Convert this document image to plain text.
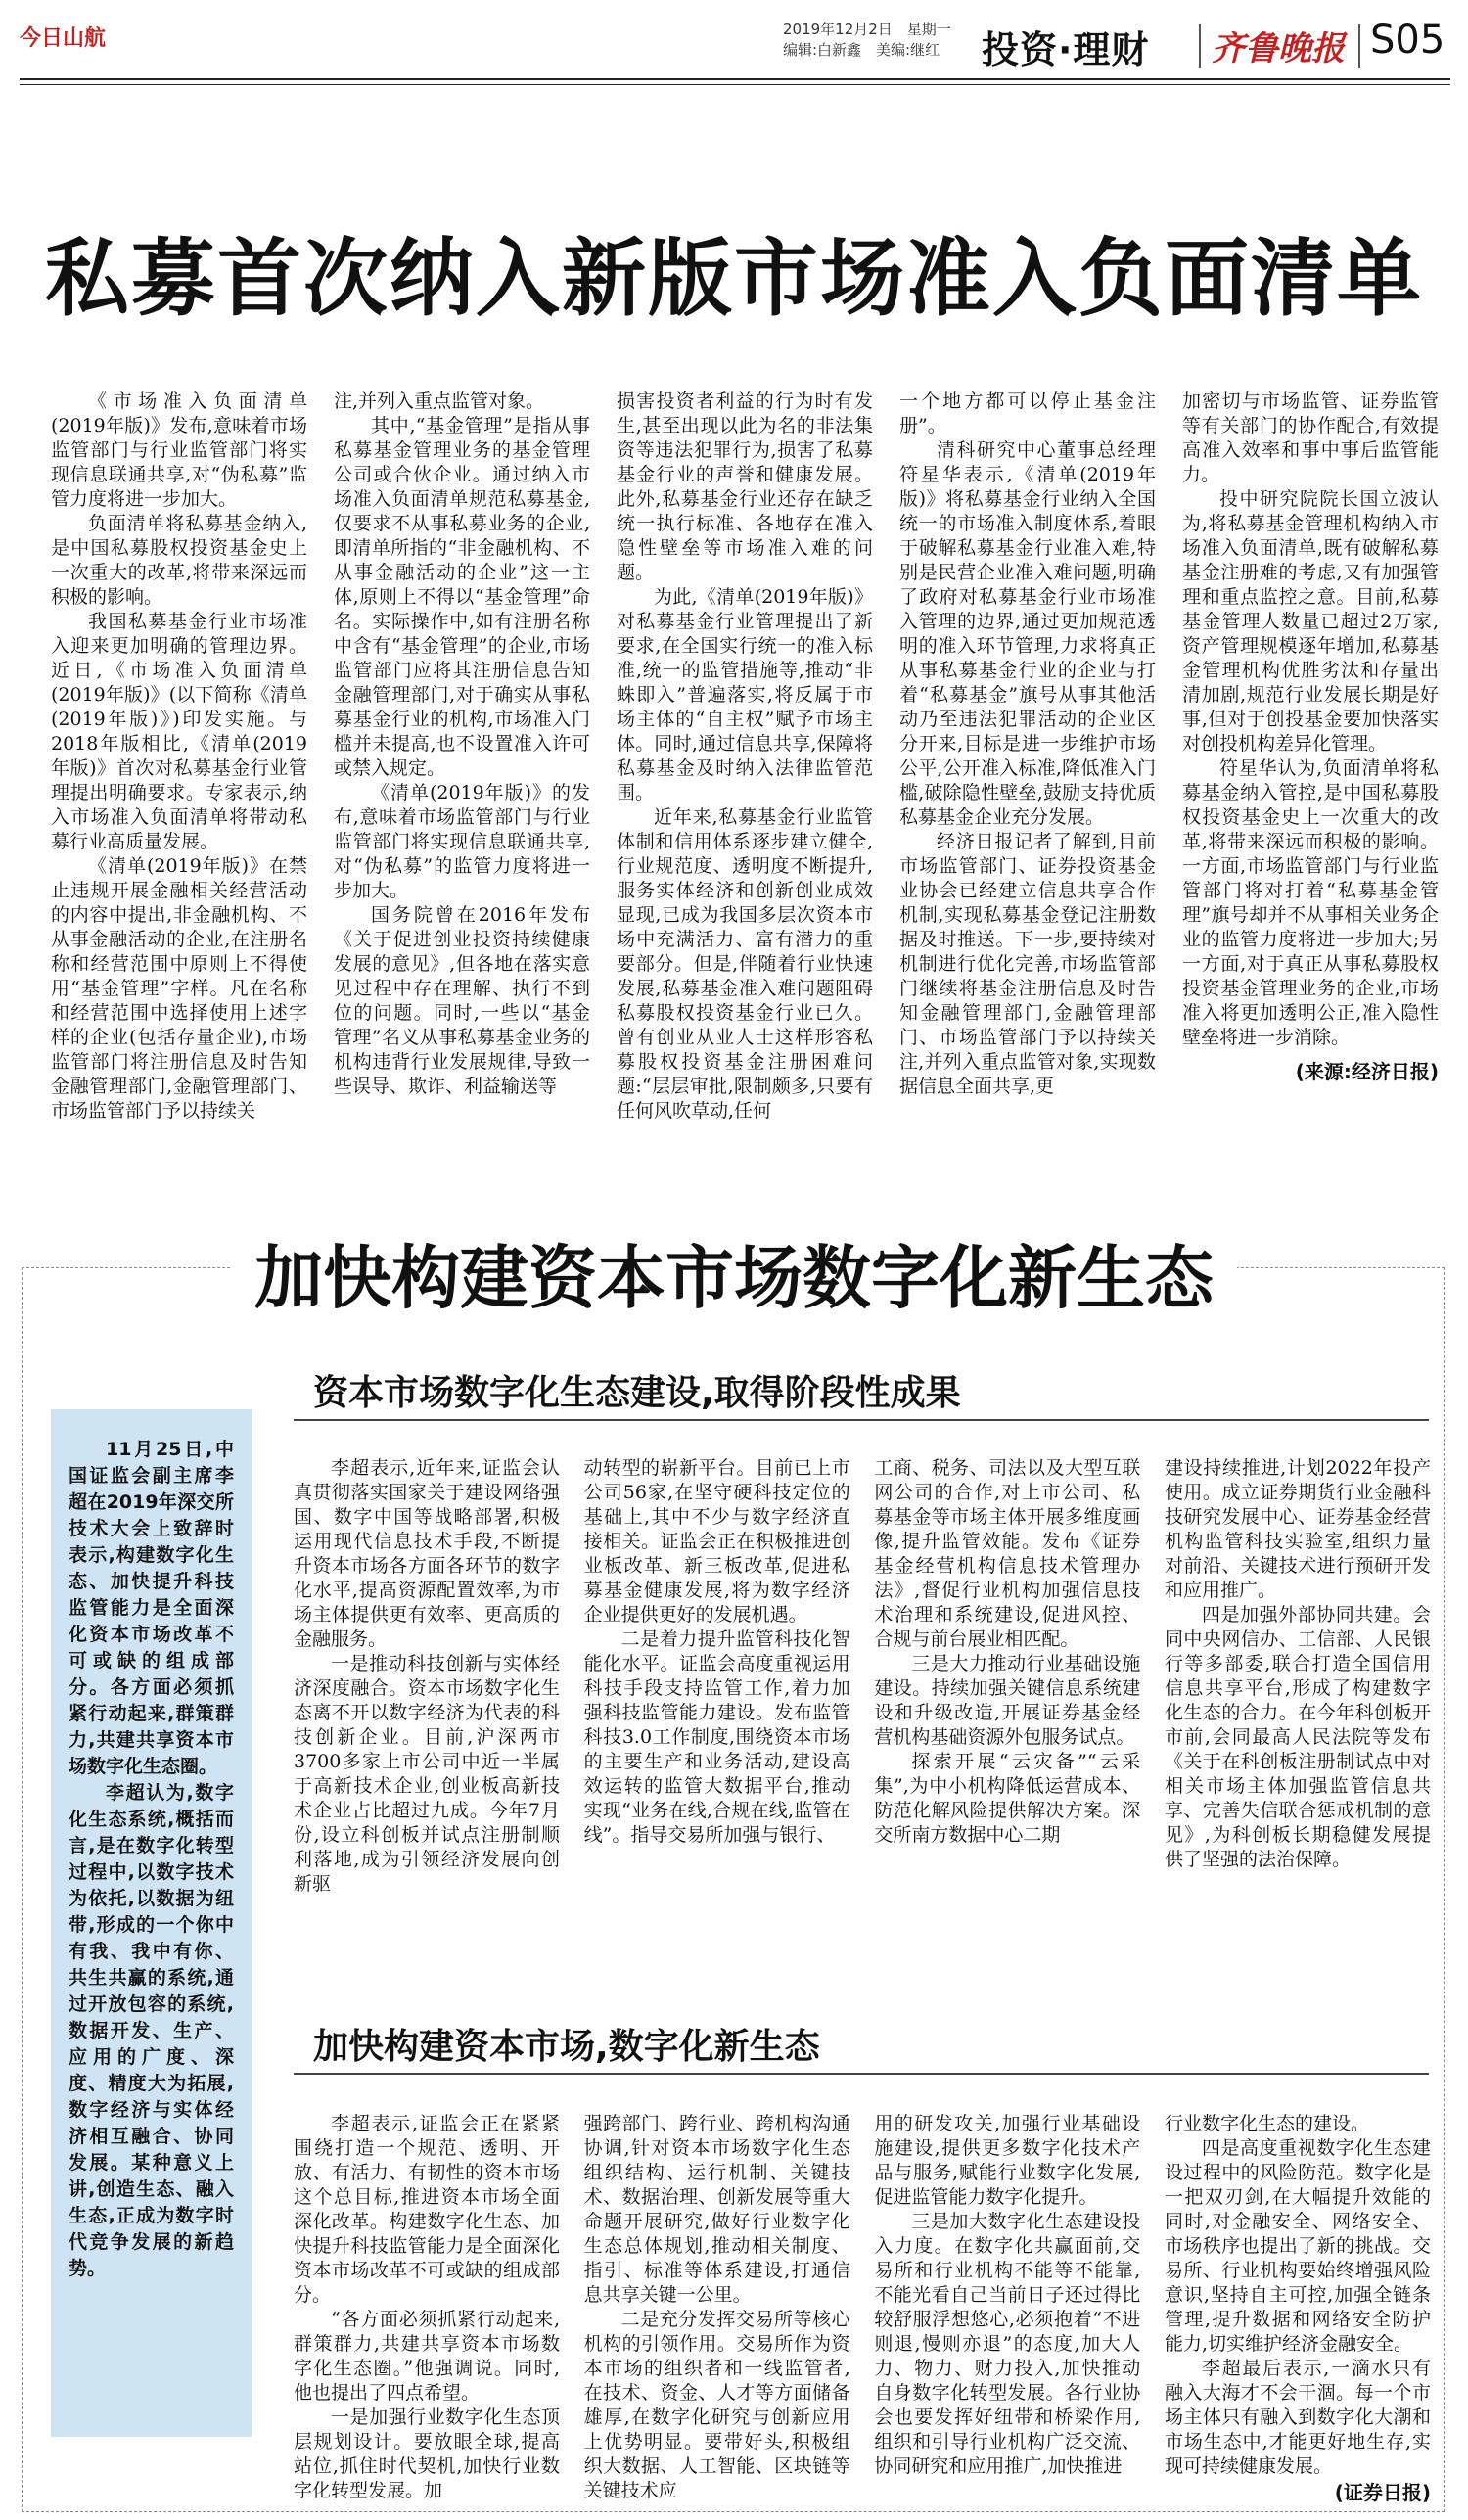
今日山航	2019年12月2日　星期一
编辑:白新鑫　美编:继红	投资·理财 齐鲁晚报 S05
私募首次纳入新版市场准入负面清单

《市场准入负面清单(2019年版)》发布,意味着市场监管部门与行业监管部门将实现信息联通共享,对“伪私募”监管力度将进一步加大。

负面清单将私募基金纳入,是中国私募股权投资基金史上一次重大的改革,将带来深远而积极的影响。

我国私募基金行业市场准入迎来更加明确的管理边界。近日,《市场准入负面清单(2019年版)》(以下简称《清单(2019年版)》)印发实施。与2018年版相比,《清单(2019年版)》首次对私募基金行业管理提出明确要求。专家表示,纳入市场准入负面清单将带动私募行业高质量发展。

《清单(2019年版)》在禁止违规开展金融相关经营活动的内容中提出,非金融机构、不从事金融活动的企业,在注册名称和经营范围中原则上不得使用“基金管理”字样。凡在名称和经营范围中选择使用上述字样的企业(包括存量企业),市场监管部门将注册信息及时告知金融管理部门,金融管理部门、市场监管部门予以持续关

注,并列入重点监管对象。

其中,“基金管理”是指从事私募基金管理业务的基金管理公司或合伙企业。通过纳入市场准入负面清单规范私募基金,仅要求不从事私募业务的企业,即清单所指的“非金融机构、不从事金融活动的企业”这一主体,原则上不得以“基金管理”命名。实际操作中,如有注册名称中含有“基金管理”的企业,市场监管部门应将其注册信息告知金融管理部门,对于确实从事私募基金行业的机构,市场准入门槛并未提高,也不设置准入许可或禁入规定。

《清单(2019年版)》的发布,意味着市场监管部门与行业监管部门将实现信息联通共享,对“伪私募”的监管力度将进一步加大。

国务院曾在2016年发布《关于促进创业投资持续健康发展的意见》,但各地在落实意见过程中存在理解、执行不到位的问题。同时,一些以“基金管理”名义从事私募基金业务的机构违背行业发展规律,导致一些误导、欺诈、利益输送等

损害投资者利益的行为时有发生,甚至出现以此为名的非法集资等违法犯罪行为,损害了私募基金行业的声誉和健康发展。此外,私募基金行业还存在缺乏统一执行标准、各地存在准入隐性壁垒等市场准入难的问题。

为此,《清单(2019年版)》对私募基金行业管理提出了新要求,在全国实行统一的准入标准,统一的监管措施等,推动“非蛛即入”普遍落实,将反属于市场主体的“自主权”赋予市场主体。同时,通过信息共享,保障将私募基金及时纳入法律监管范围。

近年来,私募基金行业监管体制和信用体系逐步建立健全,行业规范度、透明度不断提升,服务实体经济和创新创业成效显现,已成为我国多层次资本市场中充满活力、富有潜力的重要部分。但是,伴随着行业快速发展,私募基金准入难问题阻碍私募股权投资基金行业已久。曾有创业从业人士这样形容私募股权投资基金注册困难问题:“层层审批,限制颇多,只要有任何风吹草动,任何

一个地方都可以停止基金注册”。

清科研究中心董事总经理符星华表示,《清单(2019年版)》将私募基金行业纳入全国统一的市场准入制度体系,着眼于破解私募基金行业准入难,特别是民营企业准入难问题,明确了政府对私募基金行业市场准入管理的边界,通过更加规范透明的准入环节管理,力求将真正从事私募基金行业的企业与打着“私募基金”旗号从事其他活动乃至违法犯罪活动的企业区分开来,目标是进一步维护市场公平,公开准入标准,降低准入门槛,破除隐性壁垒,鼓励支持优质私募基金企业充分发展。

经济日报记者了解到,目前市场监管部门、证券投资基金业协会已经建立信息共享合作机制,实现私募基金登记注册数据及时推送。下一步,要持续对机制进行优化完善,市场监管部门继续将基金注册信息及时告知金融管理部门,金融管理部门、市场监管部门予以持续关注,并列入重点监管对象,实现数据信息全面共享,更

加密切与市场监管、证券监管等有关部门的协作配合,有效提高准入效率和事中事后监管能力。

投中研究院院长国立波认为,将私募基金管理机构纳入市场准入负面清单,既有破解私募基金注册难的考虑,又有加强管理和重点监控之意。目前,私募基金管理人数量已超过2万家,资产管理规模逐年增加,私募基金管理机构优胜劣汰和存量出清加剧,规范行业发展长期是好事,但对于创投基金要加快落实对创投机构差异化管理。

符星华认为,负面清单将私募基金纳入管控,是中国私募股权投资基金史上一次重大的改革,将带来深远而积极的影响。一方面,市场监管部门与行业监管部门将对打着“私募基金管理”旗号却并不从事相关业务企业的监管力度将进一步加大;另一方面,对于真正从事私募股权投资基金管理业务的企业,市场准入将更加透明公正,准入隐性壁垒将进一步消除。

(来源:经济日报)
加快构建资本市场数字化新生态

11月25日,中国证监会副主席李超在2019年深交所技术大会上致辞时表示,构建数字化生态、加快提升科技监管能力是全面深化资本市场改革不可或缺的组成部分。各方面必须抓紧行动起来,群策群力,共建共享资本市场数字化生态圈。

李超认为,数字化生态系统,概括而言,是在数字化转型过程中,以数字技术为依托,以数据为纽带,形成的一个你中有我、我中有你、共生共赢的系统,通过开放包容的系统,数据开发、生产、应用的广度、深度、精度大为拓展,数字经济与实体经济相互融合、协同发展。某种意义上讲,创造生态、融入生态,正成为数字时代竞争发展的新趋势。

资本市场数字化生态建设,取得阶段性成果

李超表示,近年来,证监会认真贯彻落实国家关于建设网络强国、数字中国等战略部署,积极运用现代信息技术手段,不断提升资本市场各方面各环节的数字化水平,提高资源配置效率,为市场主体提供更有效率、更高质的金融服务。

一是推动科技创新与实体经济深度融合。资本市场数字化生态离不开以数字经济为代表的科技创新企业。目前,沪深两市3700多家上市公司中近一半属于高新技术企业,创业板高新技术企业占比超过九成。今年7月份,设立科创板并试点注册制顺利落地,成为引领经济发展向创新驱

动转型的崭新平台。目前已上市公司56家,在坚守硬科技定位的基础上,其中不少与数字经济直接相关。证监会正在积极推进创业板改革、新三板改革,促进私募基金健康发展,将为数字经济企业提供更好的发展机遇。

二是着力提升监管科技化智能化水平。证监会高度重视运用科技手段支持监管工作,着力加强科技监管能力建设。发布监管科技3.0工作制度,围绕资本市场的主要生产和业务活动,建设高效运转的监管大数据平台,推动实现“业务在线,合规在线,监管在线”。指导交易所加强与银行、

工商、税务、司法以及大型互联网公司的合作,对上市公司、私募基金等市场主体开展多维度画像,提升监管效能。发布《证券基金经营机构信息技术管理办法》,督促行业机构加强信息技术治理和系统建设,促进风控、合规与前台展业相匹配。

三是大力推动行业基础设施建设。持续加强关键信息系统建设和升级改造,开展证券基金经营机构基础资源外包服务试点。

探索开展“云灾备”“云采集”,为中小机构降低运营成本、防范化解风险提供解决方案。深交所南方数据中心二期

建设持续推进,计划2022年投产使用。成立证券期货行业金融科技研究发展中心、证券基金经营机构监管科技实验室,组织力量对前沿、关键技术进行预研开发和应用推广。

四是加强外部协同共建。会同中央网信办、工信部、人民银行等多部委,联合打造全国信用信息共享平台,形成了构建数字化生态的合力。在今年科创板开市前,会同最高人民法院等发布《关于在科创板注册制试点中对相关市场主体加强监管信息共享、完善失信联合惩戒机制的意见》,为科创板长期稳健发展提供了坚强的法治保障。

加快构建资本市场,数字化新生态

李超表示,证监会正在紧紧围绕打造一个规范、透明、开放、有活力、有韧性的资本市场这个总目标,推进资本市场全面深化改革。构建数字化生态、加快提升科技监管能力是全面深化资本市场改革不可或缺的组成部分。

“各方面必须抓紧行动起来,群策群力,共建共享资本市场数字化生态圈。”他强调说。同时,他也提出了四点希望。

一是加强行业数字化生态顶层规划设计。要放眼全球,提高站位,抓住时代契机,加快行业数字化转型发展。加

强跨部门、跨行业、跨机构沟通协调,针对资本市场数字化生态组织结构、运行机制、关键技术、数据治理、创新发展等重大命题开展研究,做好行业数字化生态总体规划,推动相关制度、指引、标准等体系建设,打通信息共享关键一公里。

二是充分发挥交易所等核心机构的引领作用。交易所作为资本市场的组织者和一线监管者,在技术、资金、人才等方面储备雄厚,在数字化研究与创新应用上优势明显。要带好头,积极组织大数据、人工智能、区块链等关键技术应

用的研发攻关,加强行业基础设施建设,提供更多数字化技术产品与服务,赋能行业数字化发展,促进监管能力数字化提升。

三是加大数字化生态建设投入力度。在数字化共赢面前,交易所和行业机构不能等不能靠,不能光看自己当前日子还过得比较舒服浮想悠心,必须抱着“不进则退,慢则亦退”的态度,加大人力、物力、财力投入,加快推动自身数字化转型发展。各行业协会也要发挥好纽带和桥梁作用,组织和引导行业机构广泛交流、协同研究和应用推广,加快推进

行业数字化生态的建设。

四是高度重视数字化生态建设过程中的风险防范。数字化是一把双刃剑,在大幅提升效能的同时,对金融安全、网络安全、市场秩序也提出了新的挑战。交易所、行业机构要始终增强风险意识,坚持自主可控,加强全链条管理,提升数据和网络安全防护能力,切实维护经济金融安全。

李超最后表示,一滴水只有融入大海才不会干涸。每一个市场主体只有融入到数字化大潮和市场生态中,才能更好地生存,实现可持续健康发展。

(证券日报)
